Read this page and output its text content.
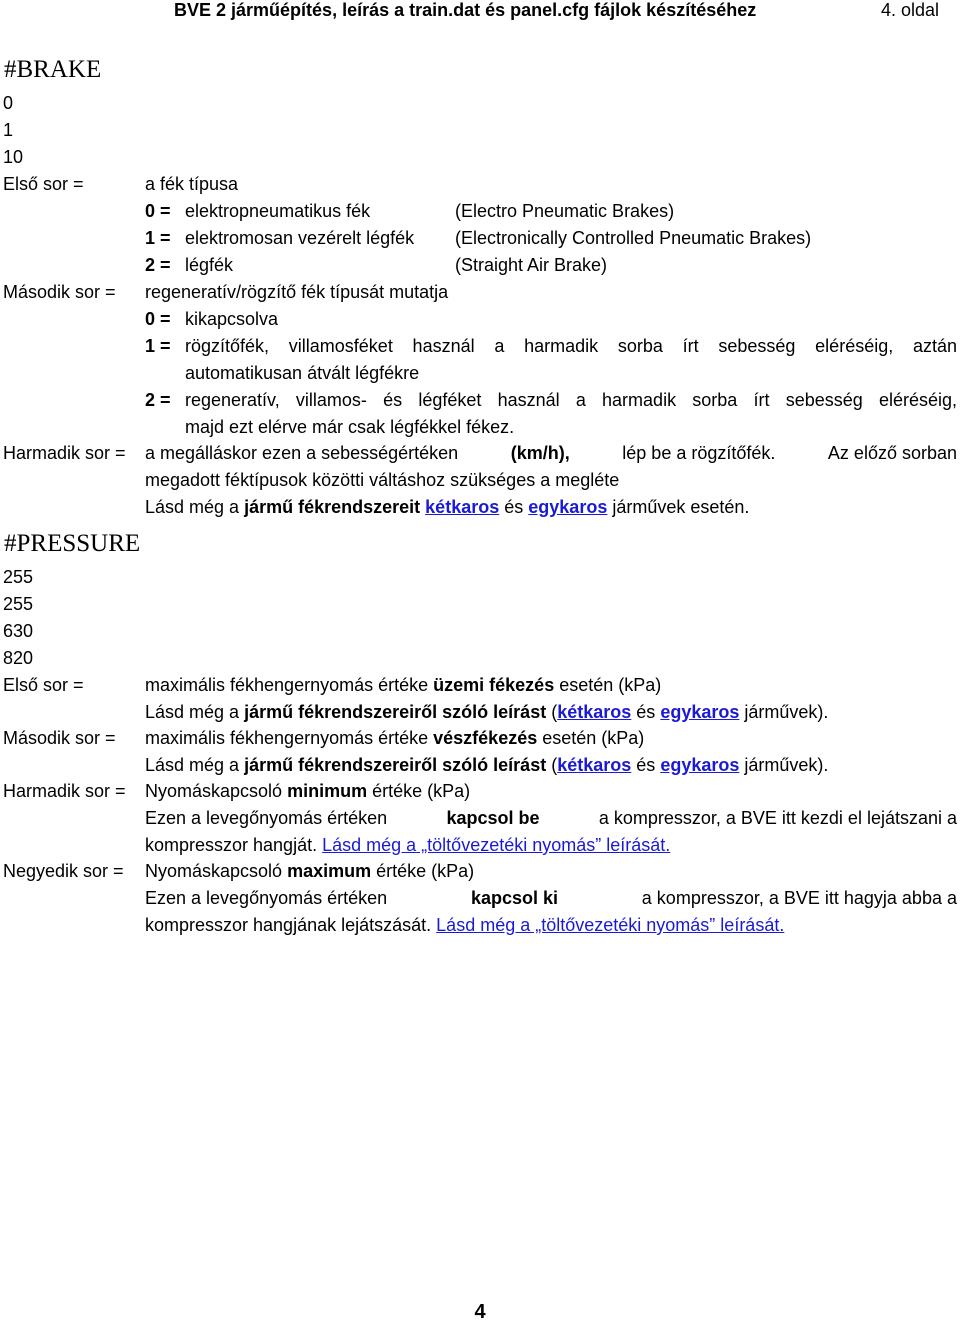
BVE 2 járműépítés, leírás a train.dat és panel.cfg fájlok készítéséhez	4. oldal
#BRAKE
0
1
10
Első sor =	a fék típusa
0 = elektropneumatikus fék	(Electro Pneumatic Brakes)
1 = elektromosan vezérelt légfék (Electronically Controlled Pneumatic Brakes)
2 = légfék	(Straight Air Brake)
Második sor = regeneratív/rögzítő fék típusát mutatja
0 = kikapcsolva
1 = rögzítőfék, villamosféket használ a harmadik sorba írt sebesség eléréséig, aztán
automatikusan átvált légfékre
2 = regeneratív, villamos- és légféket használ a harmadik sorba írt sebesség eléréséig,
majd ezt elérve már csak légfékkel fékez.
Harmadik sor = a megálláskor ezen a sebességértéken	(km/h),	lép be a rögzítőfék.	Az előző sorban
megadott féktípusok közötti váltáshoz szükséges a megléte
Lásd még a jármű fékrendszereit kétkaros és egykaros járművek esetén.
#PRESSURE
255
255
630
820
Első sor =	maximális fékhengernyomás értéke üzemi fékezés esetén (kPa)
Lásd még a jármű fékrendszereiről szóló leírást (kétkaros és egykaros járművek).
Második sor = maximális fékhengernyomás értéke vészfékezés esetén (kPa)
Lásd még a jármű fékrendszereiről szóló leírást (kétkaros és egykaros járművek).
Harmadik sor = Nyomáskapcsoló minimum értéke (kPa)
Ezen a levegőnyomás értéken	kapcsol be	a kompresszor, a BVE itt kezdi el lejátszani a
kompresszor hangját. Lásd még a „töltővezetéki nyomás” leírását.
Negyedik sor = Nyomáskapcsoló maximum értéke (kPa)
Ezen a levegőnyomás értéken	kapcsol ki	a kompresszor, a BVE itt hagyja abba a
kompresszor hangjának lejátszását. Lásd még a „töltővezetéki nyomás” leírását.
4
